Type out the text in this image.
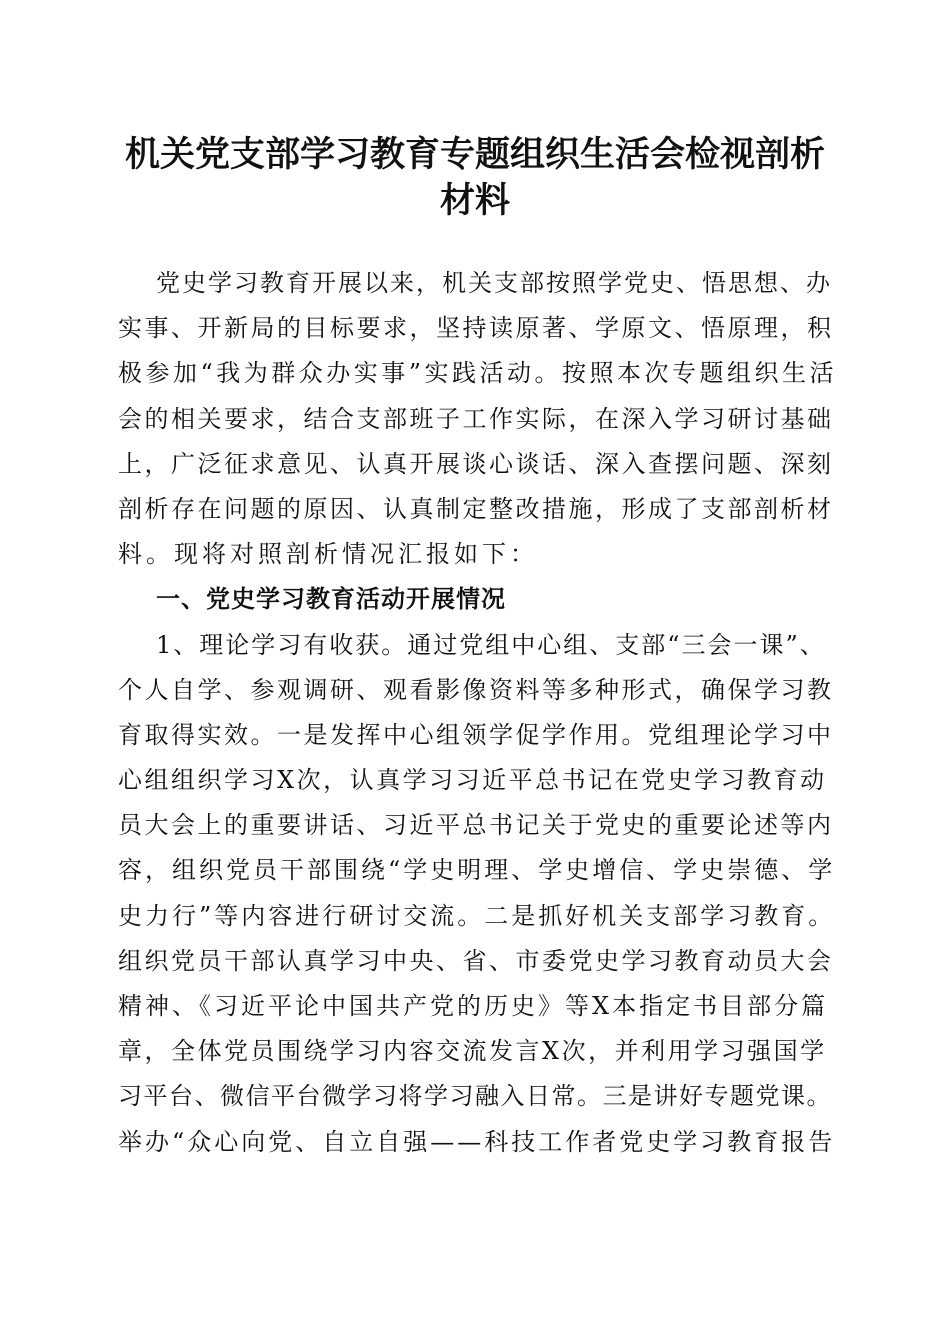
机关党支部学习教育专题组织生活会检视剖析
材料
党史学习教育开展以来，机关支部按照学党史、悟思想、办
实事、开新局的目标要求，坚持读原著、学原文、悟原理，积
极参加“我为群众办实事”实践活动。按照本次专题组织生活
会的相关要求，结合支部班子工作实际，在深入学习研讨基础
上，广泛征求意见、认真开展谈心谈话、深入查摆问题、深刻
剖析存在问题的原因、认真制定整改措施，形成了支部剖析材
料。现将对照剖析情况汇报如下：
一、党史学习教育活动开展情况
1、理论学习有收获。通过党组中心组、支部“三会一课”、
个人自学、参观调研、观看影像资料等多种形式，确保学习教
育取得实效。一是发挥中心组领学促学作用。党组理论学习中
心组组织学习X次，认真学习习近平总书记在党史学习教育动
员大会上的重要讲话、习近平总书记关于党史的重要论述等内
容，组织党员干部围绕“学史明理、学史增信、学史崇德、学
史力行”等内容进行研讨交流。二是抓好机关支部学习教育。
组织党员干部认真学习中央、省、市委党史学习教育动员大会
精神、《习近平论中国共产党的历史》等X本指定书目部分篇
章，全体党员围绕学习内容交流发言X次，并利用学习强国学
习平台、微信平台微学习将学习融入日常。三是讲好专题党课。
举办“众心向党、自立自强——科技工作者党史学习教育报告
